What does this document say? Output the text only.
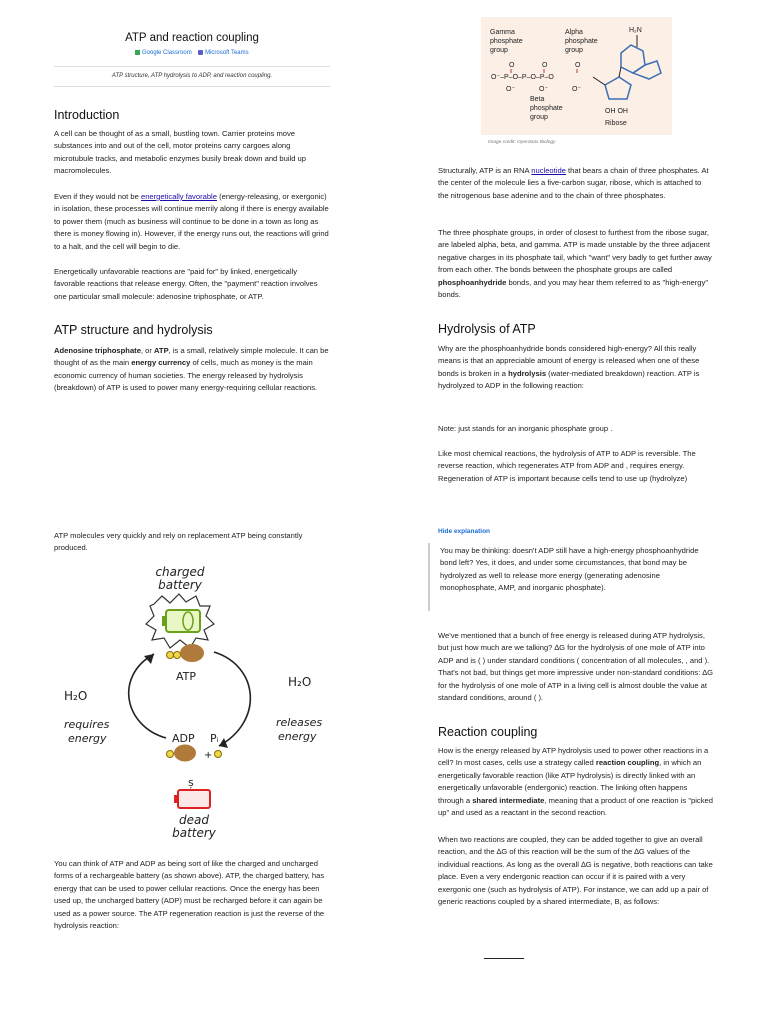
ATP and reaction coupling
Google Classroom Microsoft Teams
ATP structure, ATP hydrolysis to ADP, and reaction coupling.
Introduction

A cell can be thought of as a small, bustling town. Carrier proteins move substances into and out of the cell, motor proteins carry cargoes along microtubule tracks, and metabolic enzymes busily break down and build up macromolecules.

Even if they would not be energetically favorable (energy-releasing, or exergonic) in isolation, these processes will continue merrily along if there is energy available to power them (much as business will continue to be done in a town as long as there is money flowing in). However, if the energy runs out, the reactions will grind to a halt, and the cell will begin to die.

Energetically unfavorable reactions are "paid for" by linked, energetically favorable reactions that release energy. Often, the "payment" reaction involves one particular small molecule: adenosine triphosphate, or ATP.

ATP structure and hydrolysis

Adenosine triphosphate, or ATP, is a small, relatively simple molecule. It can be thought of as the main energy currency of cells, much as money is the main economic currency of human societies. The energy released by hydrolysis (breakdown) of ATP is used to power many energy-requiring cellular reactions.

ATP molecules very quickly and rely on replacement ATP being constantly produced.

charged
battery
ATP
H₂O
H₂O
requires
energy
releases
energy
ADP Pᵢ
+
ș
dead
battery

You can think of ATP and ADP as being sort of like the charged and uncharged forms of a rechargeable battery (as shown above). ATP, the charged battery, has energy that can be used to power cellular reactions. Once the energy has been used up, the uncharged battery (ADP) must be recharged before it can again be used as a power source. The ATP regeneration reaction is just the reverse of the hydrolysis reaction:

Gamma
phosphate
group
Alpha
phosphate
group
H₂N
O⁻–P–O–P–O–P–O
O	O	O
O⁻	O⁻	O⁻
Beta
phosphate
group
OH OH
Ribose
Image credit: OpenStax Biology

Structurally, ATP is an RNA nucleotide that bears a chain of three phosphates. At the center of the molecule lies a five-carbon sugar, ribose, which is attached to the nitrogenous base adenine and to the chain of three phosphates.

The three phosphate groups, in order of closest to furthest from the ribose sugar, are labeled alpha, beta, and gamma. ATP is made unstable by the three adjacent negative charges in its phosphate tail, which "want" very badly to get further away from each other. The bonds between the phosphate groups are called phosphoanhydride bonds, and you may hear them referred to as "high-energy" bonds.

Hydrolysis of ATP

Why are the phosphoanhydride bonds considered high-energy? All this really means is that an appreciable amount of energy is released when one of these bonds is broken in a hydrolysis (water-mediated breakdown) reaction. ATP is hydrolyzed to ADP in the following reaction:

Note: just stands for an inorganic phosphate group .

Like most chemical reactions, the hydrolysis of ATP to ADP is reversible. The reverse reaction, which regenerates ATP from ADP and , requires energy. Regeneration of ATP is important because cells tend to use up (hydrolyze)

Hide explanation

You may be thinking: doesn't ADP still have a high-energy phosphoanhydride bond left? Yes, it does, and under some circumstances, that bond may be hydrolyzed as well to release more energy (generating adenosine monophosphate, AMP, and inorganic phosphate).

We've mentioned that a bunch of free energy is released during ATP hydrolysis, but just how much are we talking? ∆G for the hydrolysis of one mole of ATP into ADP and is ( ) under standard conditions ( concentration of all molecules, , and ). That's not bad, but things get more impressive under non-standard conditions: ∆G for the hydrolysis of one mole of ATP in a living cell is almost double the value at standard conditions, around ( ).

Reaction coupling

How is the energy released by ATP hydrolysis used to power other reactions in a cell? In most cases, cells use a strategy called reaction coupling, in which an energetically favorable reaction (like ATP hydrolysis) is directly linked with an energetically unfavorable (endergonic) reaction. The linking often happens through a shared intermediate, meaning that a product of one reaction is "picked up" and used as a reactant in the second reaction.

When two reactions are coupled, they can be added together to give an overall reaction, and the ∆G of this reaction will be the sum of the ∆G values of the individual reactions. As long as the overall ∆G is negative, both reactions can take place. Even a very endergonic reaction can occur if it is paired with a very exergonic one (such as hydrolysis of ATP). For instance, we can add up a pair of generic reactions coupled by a shared intermediate, B, as follows:
